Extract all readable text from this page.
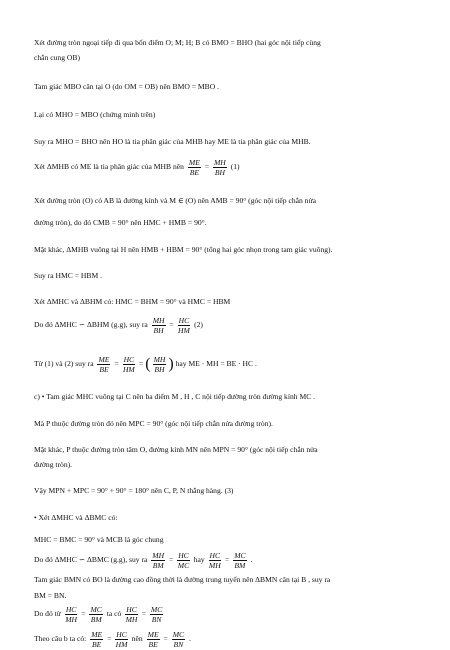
Xét đường tròn ngoại tiếp đi qua bốn điểm O; M; H; B có BMO = BHO (hai góc nội tiếp cùng
chắn cung OB)
Tam giác MBO cân tại O (do OM = OB) nên BMO = MBO .
Lại có MHO = MBO (chứng minh trên)
Suy ra MHO = BHO nên HO là tia phân giác của MHB hay ME là tia phân giác của MHB.
Xét ΔMHB có ME là tia phân giác của MHB nên $\frac{ME}{BE} = \frac{MH}{BH} (1)$
Xét đường tròn (O) có AB là đường kính và M ∈ (O) nên AMB = 90° (góc nội tiếp chắn nửa
đường tròn), do đó CMB = 90° nên HMC + HMB = 90°.
Mặt khác, ΔMHB vuông tại H nên HMB + HBM = 90° (tổng hai góc nhọn trong tam giác vuông).
Suy ra HMC = HBM .
Xét ΔMHC và ΔBHM có: HMC = BHM = 90° và HMC = HBM
Do đó ΔMHC ∽ ΔBHM (g.g), suy ra $\frac{MH}{BH} = \frac{HC}{HM} (2)$
Từ (1) và (2) suy ra $\frac{ME}{BE} = \frac{HC}{HM}$ = ( $\frac{MH}{BH}$ ) hay ME · MH = BE · HC .
c) • Tam giác MHC vuông tại C nên ba điểm M , H , C nội tiếp đường tròn đường kính MC .
Mà P thuộc đường tròn đó nên MPC = 90° (góc nội tiếp chắn nửa đường tròn).
Mặt khác, P thuộc đường tròn tâm O, đường kính MN nên MPN = 90° (góc nội tiếp chắn nửa
đường tròn).
Vậy MPN + MPC = 90° + 90° = 180° nên C, P, N thẳng hàng. (3)
• Xét ΔMHC và ΔBMC có:
MHC = BMC = 90° và MCB là góc chung
Do đó ΔMHC ∽ ΔBMC (g.g), suy ra $\frac{MH}{BM} = \frac{HC}{MC}$ hay $\frac{HC}{MH} = \frac{MC}{BM}$ .
Tam giác BMN có BO là đường cao đồng thời là đường trung tuyến nên ΔBMN cân tại B , suy ra
BM = BN.
Do đó từ $\frac{HC}{MH} = \frac{MC}{BM}$ ta có $\frac{HC}{MH} = \frac{MC}{BN}$
Theo câu b ta có: $\frac{ME}{BE} = \frac{HC}{HM}$ nên $\frac{ME}{BE} = \frac{MC}{BN}$ .
